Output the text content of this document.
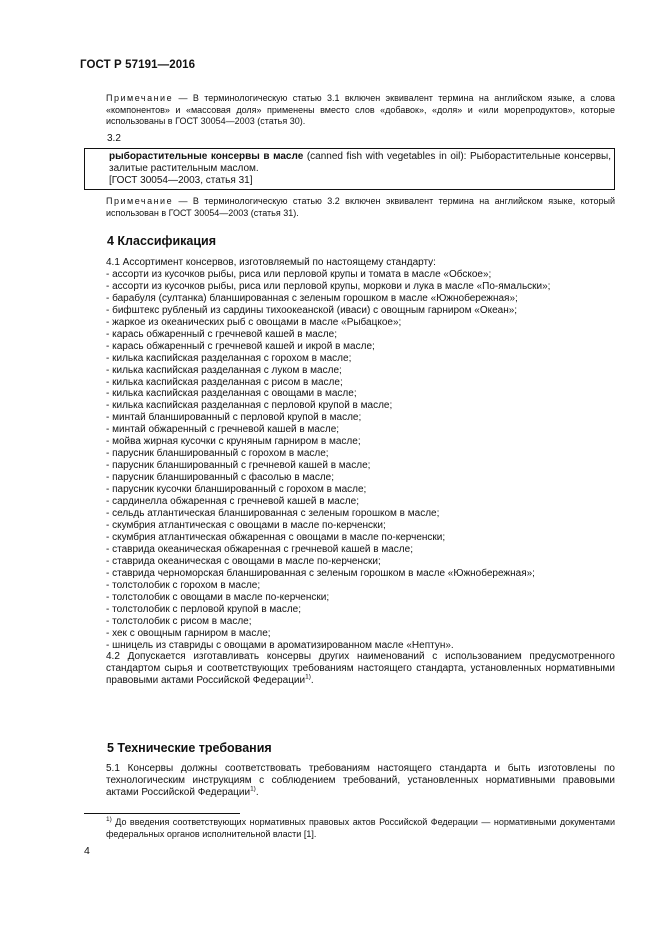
ГОСТ Р 57191—2016
Примечание — В терминологическую статью 3.1 включен эквивалент термина на английском языке, а слова «компонентов» и «массовая доля» применены вместо слов «добавок», «доля» и «или морепродуктов», которые использованы в ГОСТ 30054—2003 (статья 30).
3.2
рыборастительные консервы в масле (canned fish with vegetables in oil): Рыборастительные консервы, залитые растительным маслом.
[ГОСТ 30054—2003, статья 31]
Примечание — В терминологическую статью 3.2 включен эквивалент термина на английском языке, который использован в ГОСТ 30054—2003 (статья 31).
4 Классификация
4.1 Ассортимент консервов, изготовляемый по настоящему стандарту:
- ассорти из кусочков рыбы, риса или перловой крупы и томата в масле «Обское»;
- ассорти из кусочков рыбы, риса или перловой крупы, моркови и лука в масле «По-ямальски»;
- барабуля (султанка) бланшированная с зеленым горошком в масле «Южнобережная»;
- бифштекс рубленый из сардины тихоокеанской (иваси) с овощным гарниром «Океан»;
- жаркое из океанических рыб с овощами в масле «Рыбацкое»;
- карась обжаренный с гречневой кашей в масле;
- карась обжаренный с гречневой кашей и икрой в масле;
- килька каспийская разделанная с горохом в масле;
- килька каспийская разделанная с луком в масле;
- килька каспийская разделанная с рисом в масле;
- килька каспийская разделанная с овощами в масле;
- килька каспийская разделанная с перловой крупой в масле;
- минтай бланшированный с перловой крупой в масле;
- минтай обжаренный с гречневой кашей в масле;
- мойва жирная кусочки с круняным гарниром в масле;
- парусник бланшированный с горохом в масле;
- парусник бланшированный с гречневой кашей в масле;
- парусник бланшированный с фасолью в масле;
- парусник кусочки бланшированный с горохом в масле;
- сардинелла обжаренная с гречневой кашей в масле;
- сельдь атлантическая бланшированная с зеленым горошком в масле;
- скумбрия атлантическая с овощами в масле по-керченски;
- скумбрия атлантическая обжаренная с овощами в масле по-керченски;
- ставрида океаническая обжаренная с гречневой кашей в масле;
- ставрида океаническая с овощами в масле по-керченски;
- ставрида черноморская бланшированная с зеленым горошком в масле «Южнобережная»;
- толстолобик с горохом в масле;
- толстолобик с овощами в масле по-керченски;
- толстолобик с перловой крупой в масле;
- толстолобик с рисом в масле;
- хек с овощным гарниром в масле;
- шницель из ставриды с овощами в ароматизированном масле «Нептун».
4.2 Допускается изготавливать консервы других наименований с использованием предусмотренного стандартом сырья и соответствующих требованиям настоящего стандарта, установленных нормативными правовыми актами Российской Федерации$^{1)}$.
5 Технические требования
5.1 Консервы должны соответствовать требованиям настоящего стандарта и быть изготовлены по технологическим инструкциям с соблюдением требований, установленных нормативными правовыми актами Российской Федерации$^{1)}$.
$^{1)}$ До введения соответствующих нормативных правовых актов Российской Федерации — нормативными документами федеральных органов исполнительной власти [1].
4
